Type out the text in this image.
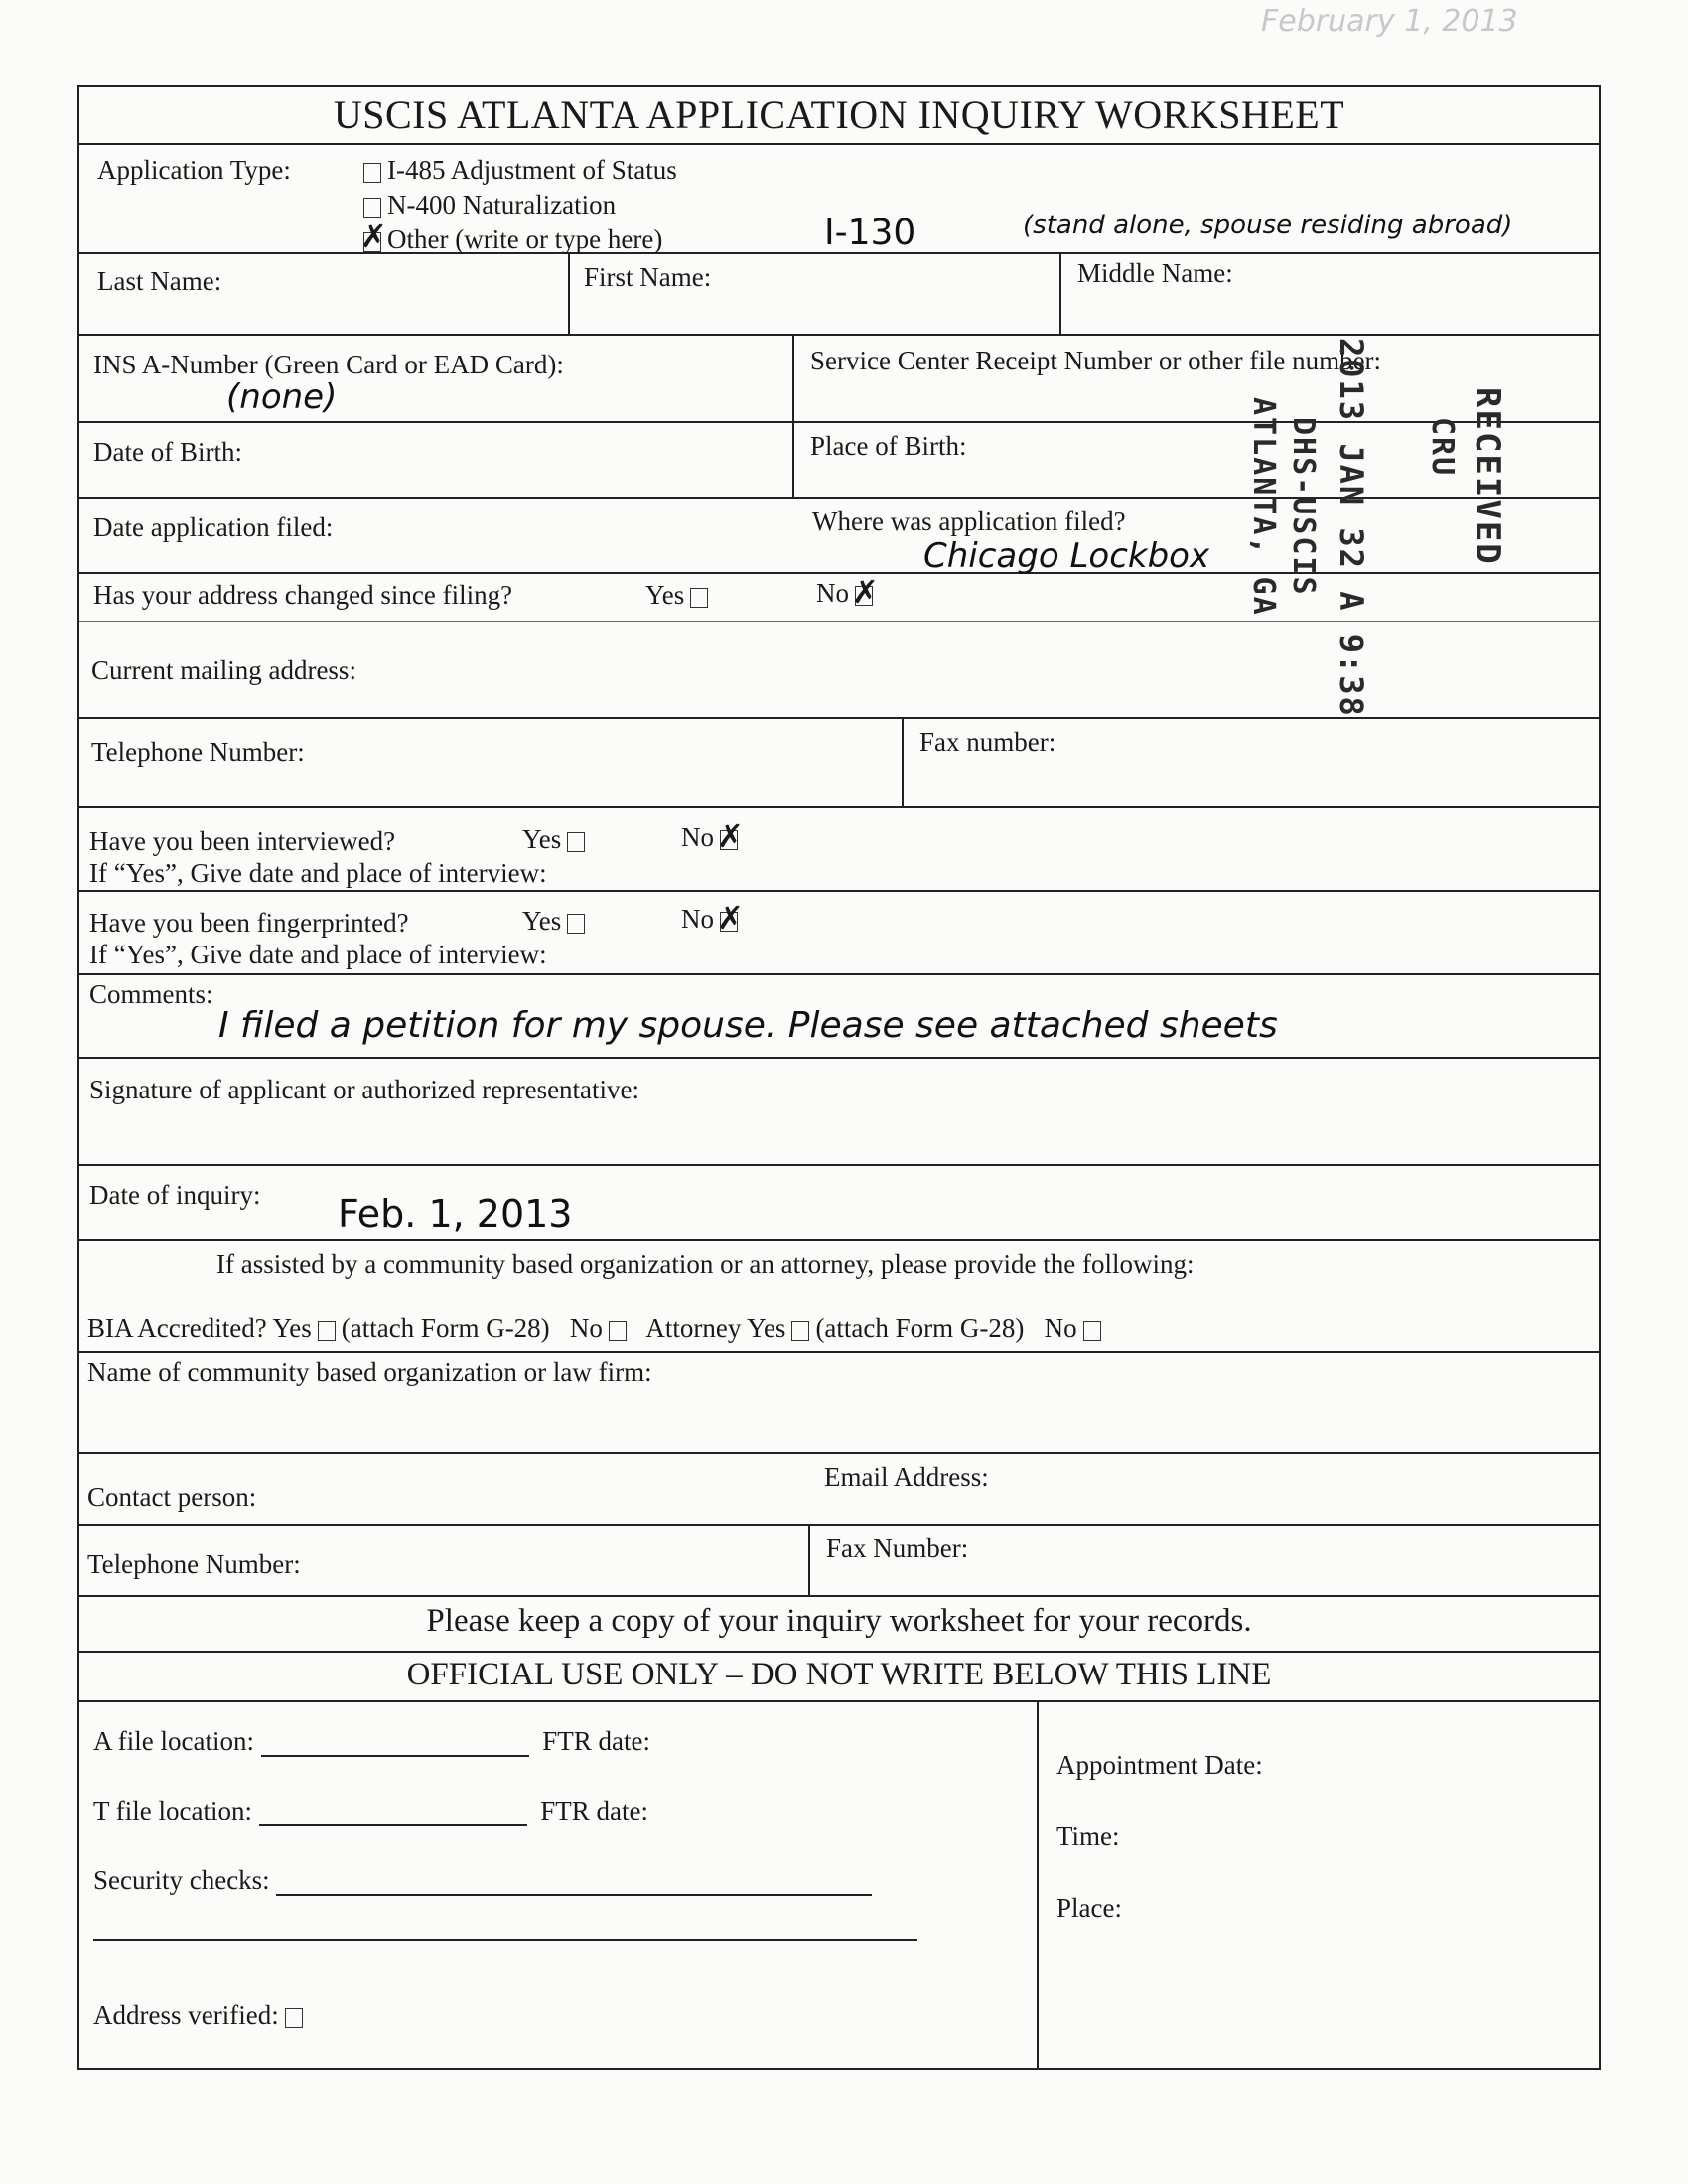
February 1, 2013
USCIS ATLANTA APPLICATION INQUIRY WORKSHEET
Application Type:	I-485 Adjustment of Status
N-400 Naturalization
✗Other (write or type here)	I-130	(stand alone, spouse residing abroad)
Last Name:	First Name:	Middle Name:
INS A-Number (Green Card or EAD Card):
(none)
Service Center Receipt Number or other file number:
Date of Birth:	Place of Birth:
Date application filed:	Where was application filed?
Chicago Lockbox
Has your address changed since filing?	Yes	No✗
Current mailing address:
Telephone Number:	Fax number:
Have you been interviewed?	Yes	No✗
If “Yes”, Give date and place of interview:
Have you been fingerprinted?	Yes	No✗
If “Yes”, Give date and place of interview:
Comments:
I filed a petition for my spouse. Please see attached sheets
Signature of applicant or authorized representative:
Date of inquiry: Feb. 1, 2013
If assisted by a community based organization or an attorney, please provide the following:
BIA Accredited? Yes (attach Form G-28) No Attorney Yes (attach Form G-28) No
Name of community based organization or law firm:
Contact person:
Email Address:
Telephone Number:
Fax Number:
Please keep a copy of your inquiry worksheet for your records.
OFFICIAL USE ONLY – DO NOT WRITE BELOW THIS LINE
A file location:	FTR date:
T file location:	FTR date:
Security checks:
Address verified:
Appointment Date:
Time:
Place:
RECEIVED
CRU
2013 JAN 32 A 9:38
DHS-USCIS
ATLANTA, GA
